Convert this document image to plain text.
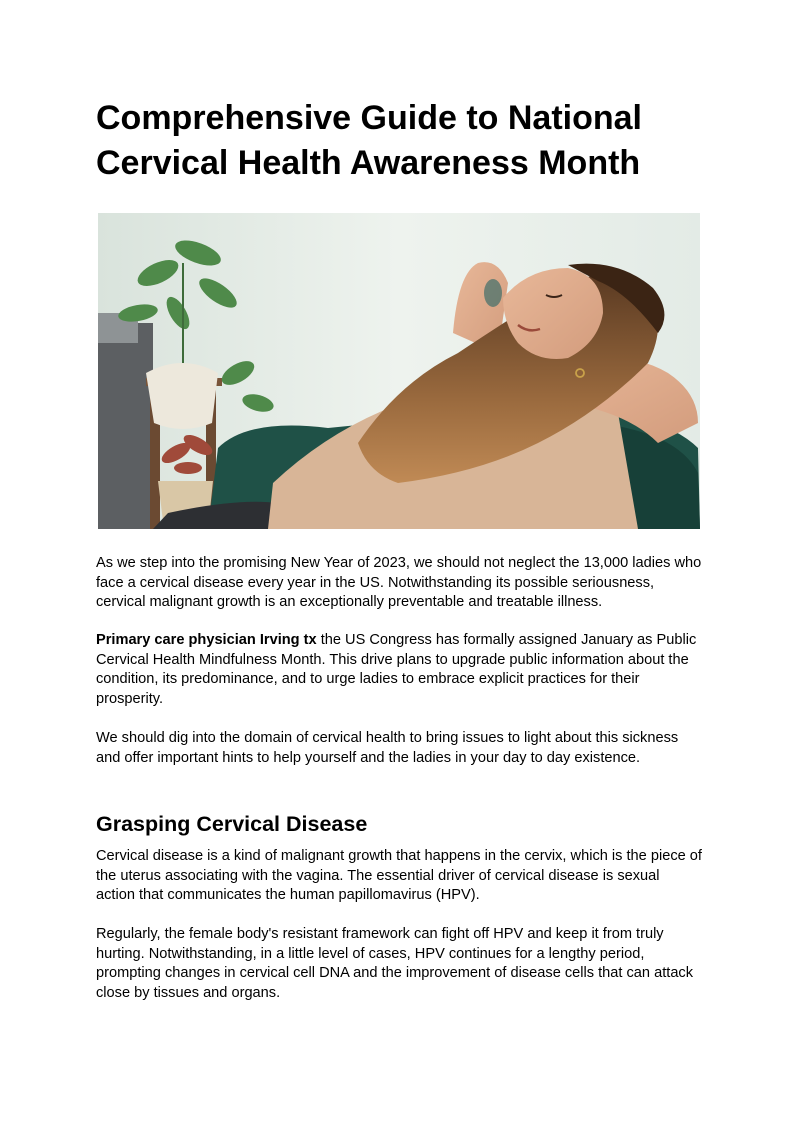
Comprehensive Guide to National
Cervical Health Awareness Month

As we step into the promising New Year of 2023, we should not neglect the 13,000 ladies who face a cervical disease every year in the US. Notwithstanding its possible seriousness, cervical malignant growth is an exceptionally preventable and treatable illness.

Primary care physician Irving tx the US Congress has formally assigned January as Public Cervical Health Mindfulness Month. This drive plans to upgrade public information about the condition, its predominance, and to urge ladies to embrace explicit practices for their prosperity.

We should dig into the domain of cervical health to bring issues to light about this sickness and offer important hints to help yourself and the ladies in your day to day existence.

Grasping Cervical Disease

Cervical disease is a kind of malignant growth that happens in the cervix, which is the piece of the uterus associating with the vagina. The essential driver of cervical disease is sexual action that communicates the human papillomavirus (HPV).

Regularly, the female body's resistant framework can fight off HPV and keep it from truly hurting. Notwithstanding, in a little level of cases, HPV continues for a lengthy period, prompting changes in cervical cell DNA and the improvement of disease cells that can attack close by tissues and organs.
